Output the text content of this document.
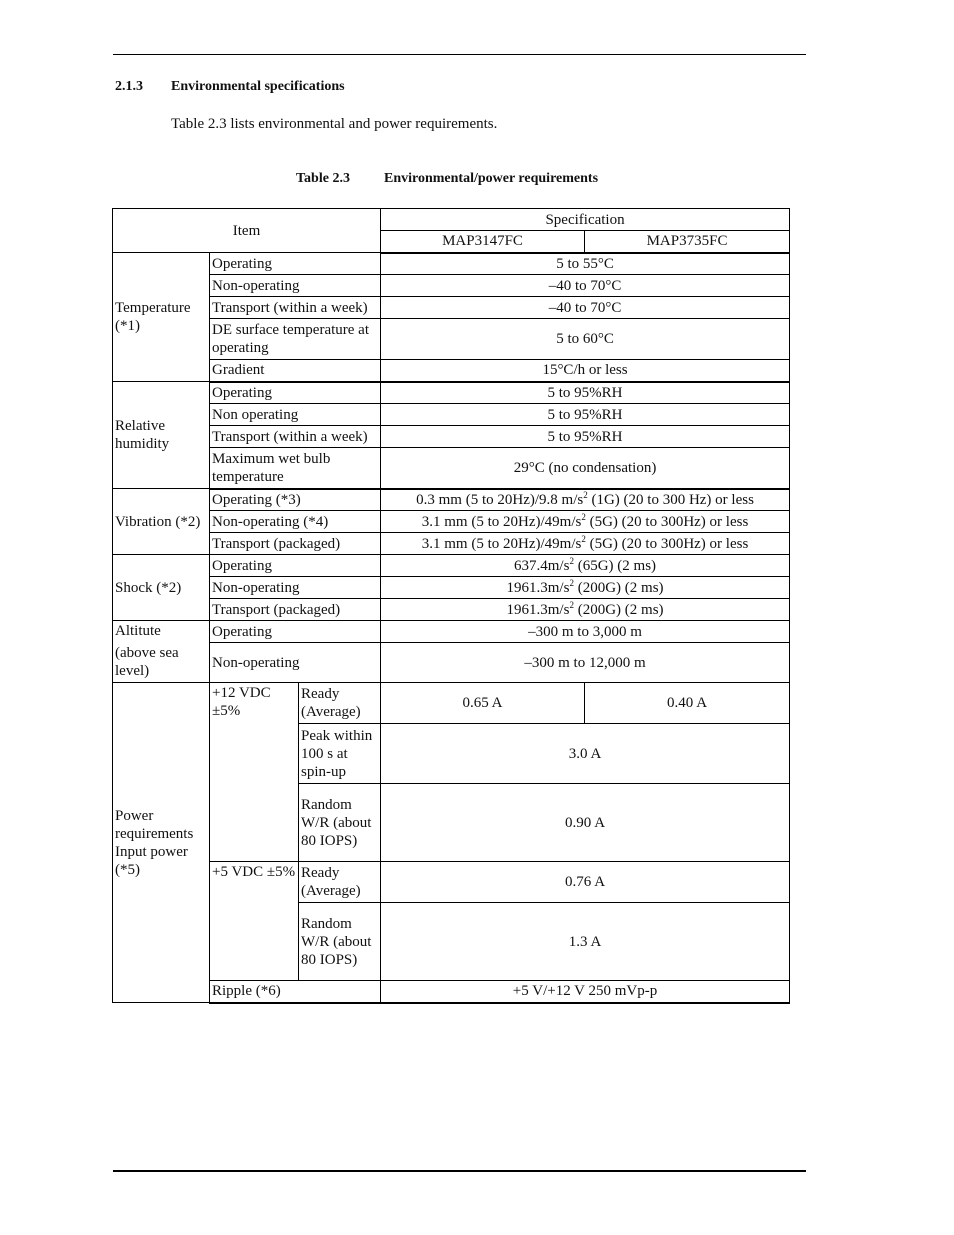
2.1.3 Environmental specifications
Table 2.3 lists environmental and power requirements.
Table 2.3 Environmental/power requirements
Item			Specification	
			MAP3147FC	MAP3735FC
Temperature (*1)	Operating		5 to 55°C	
	Non-operating		–40 to 70°C	
	Transport (within a week)		–40 to 70°C	
	DE surface temperature at operating		5 to 60°C	
	Gradient		15°C/h or less	
Relative humidity	Operating		5 to 95%RH	
	Non operating		5 to 95%RH	
	Transport (within a week)		5 to 95%RH	
	Maximum wet bulb temperature		29°C (no condensation)	
Vibration (*2)	Operating (*3)		0.3 mm (5 to 20Hz)/9.8 $m/s^2$ (1G) (20 to 300 Hz) or less	
	Non-operating (*4)		3.1 mm (5 to $20Hz)/49m/s^2$ (5G) (20 to 300Hz) or less	
	Transport (packaged)		3.1 mm (5 to $20Hz)/49m/s^2$ (5G) (20 to 300Hz) or less	
Shock (*2)	Operating		$637.4m/s^2$ (65G) (2 ms)	
	Non-operating		$1961.3m/s^2$ (200G) (2 ms)	
	Transport (packaged)		$1961.3m/s^2$ (200G) (2 ms)	

Altitute
(above sea level)	Operating		–300 m to 3,000 m	
	Non-operating		–300 m to 12,000 m	
Power requirements Input power (*5)	+12 VDC ±5%	Ready (Average)	0.65 A	0.40 A
		Peak within 100 s at spin-up	3.0 A	
		Random W/R (about 80 IOPS)	0.90 A	
	+5 VDC ±5%	Ready (Average)	0.76 A	
		Random W/R (about 80 IOPS)	1.3 A	
	Ripple (*6)		+5 V/+12 V 250 mVp-p	
